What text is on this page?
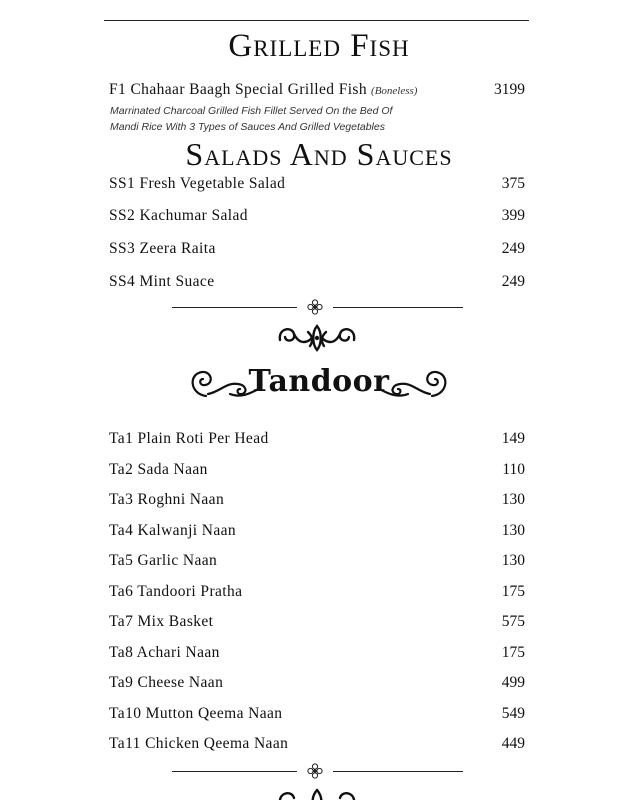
Grilled Fish
F1 Chahaar Baagh Special Grilled Fish (Boneless)	3199
Marrinated Charcoal Grilled Fish Fillet Served On the Bed Of
Mandi Rice With 3 Types of Sauces And Grilled Vegetables
Salads And Sauces
SS1 Fresh Vegetable Salad	375
SS2 Kachumar Salad	399
SS3 Zeera Raita	249
SS4 Mint Suace	249
Tandoor
Ta1 Plain Roti Per Head	149
Ta2 Sada Naan	110
Ta3 Roghni Naan	130
Ta4 Kalwanji Naan	130
Ta5 Garlic Naan	130
Ta6 Tandoori Pratha	175
Ta7 Mix Basket	575
Ta8 Achari Naan	175
Ta9 Cheese Naan	499
Ta10 Mutton Qeema Naan	549
Ta11 Chicken Qeema Naan	449
